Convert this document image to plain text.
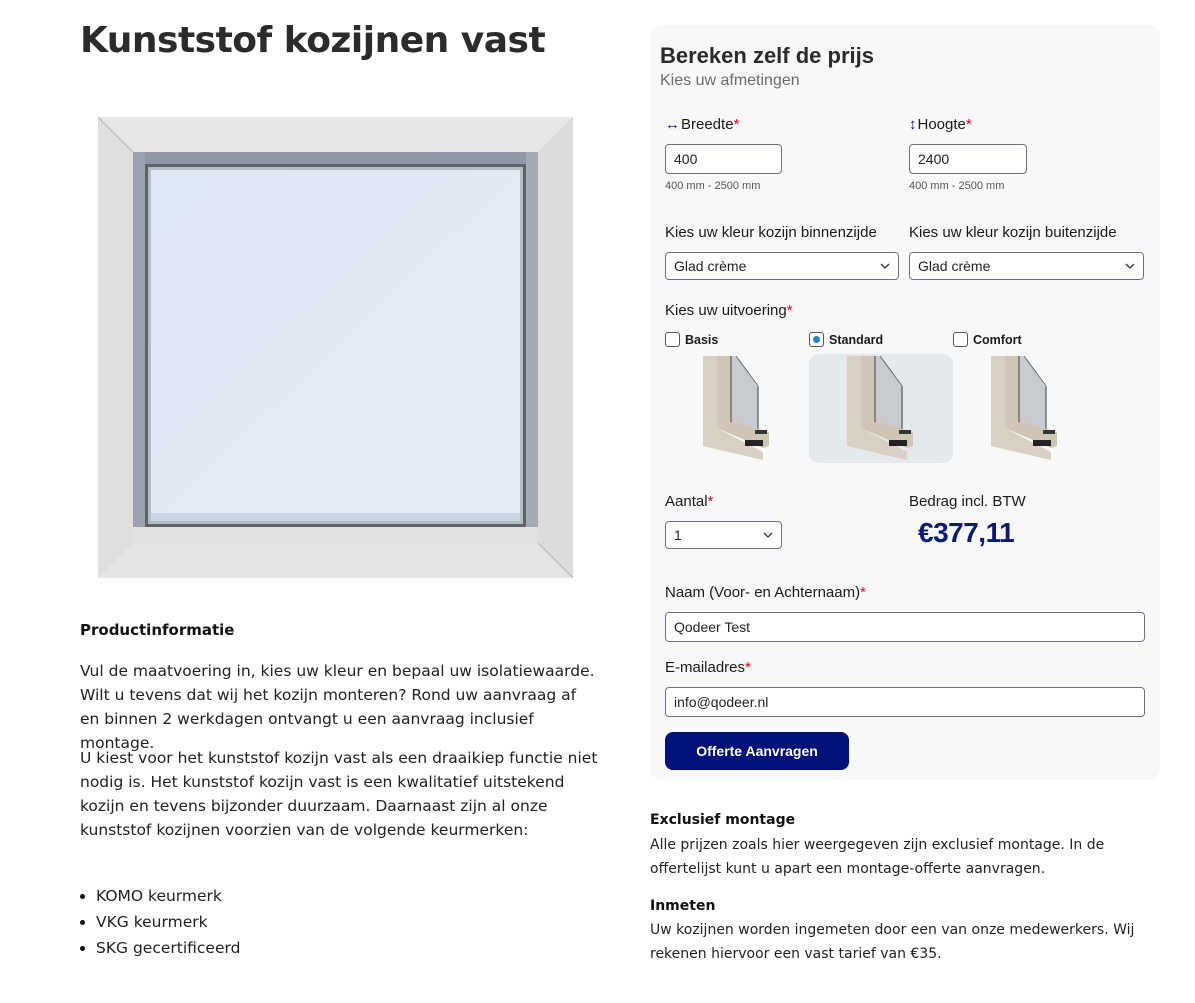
Kunststof kozijnen vast
Productinformatie

Vul de maatvoering in, kies uw kleur en bepaal uw isolatiewaarde. Wilt u tevens dat wij het kozijn monteren? Rond uw aanvraag af en binnen 2 werkdagen ontvangt u een aanvraag inclusief montage.

U kiest voor het kunststof kozijn vast als een draaikiep functie niet nodig is. Het kunststof kozijn vast is een kwalitatief uitstekend kozijn en tevens bijzonder duurzaam. Daarnaast zijn al onze kunststof kozijnen voorzien van de volgende keurmerken:

KOMO keurmerk
VKG keurmerk
SKG gecertificeerd
Bereken zelf de prijs
Kies uw afmetingen
↔Breedte*
400
400 mm - 2500 mm
↕Hoogte*
2400
400 mm - 2500 mm
Kies uw kleur kozijn binnenzijde
Glad crème
Kies uw kleur kozijn buitenzijde
Glad crème
Kies uw uitvoering*
Basis	Standard	Comfort
Aantal*
1
Bedrag incl. BTW
€377,11
Naam (Voor- en Achternaam)*
Qodeer Test
E-mailadres*
info@qodeer.nl
Offerte Aanvragen
Exclusief montage
Alle prijzen zoals hier weergegeven zijn exclusief montage. In de offertelijst kunt u apart een montage-offerte aanvragen.
Inmeten
Uw kozijnen worden ingemeten door een van onze medewerkers. Wij rekenen hiervoor een vast tarief van €35.
